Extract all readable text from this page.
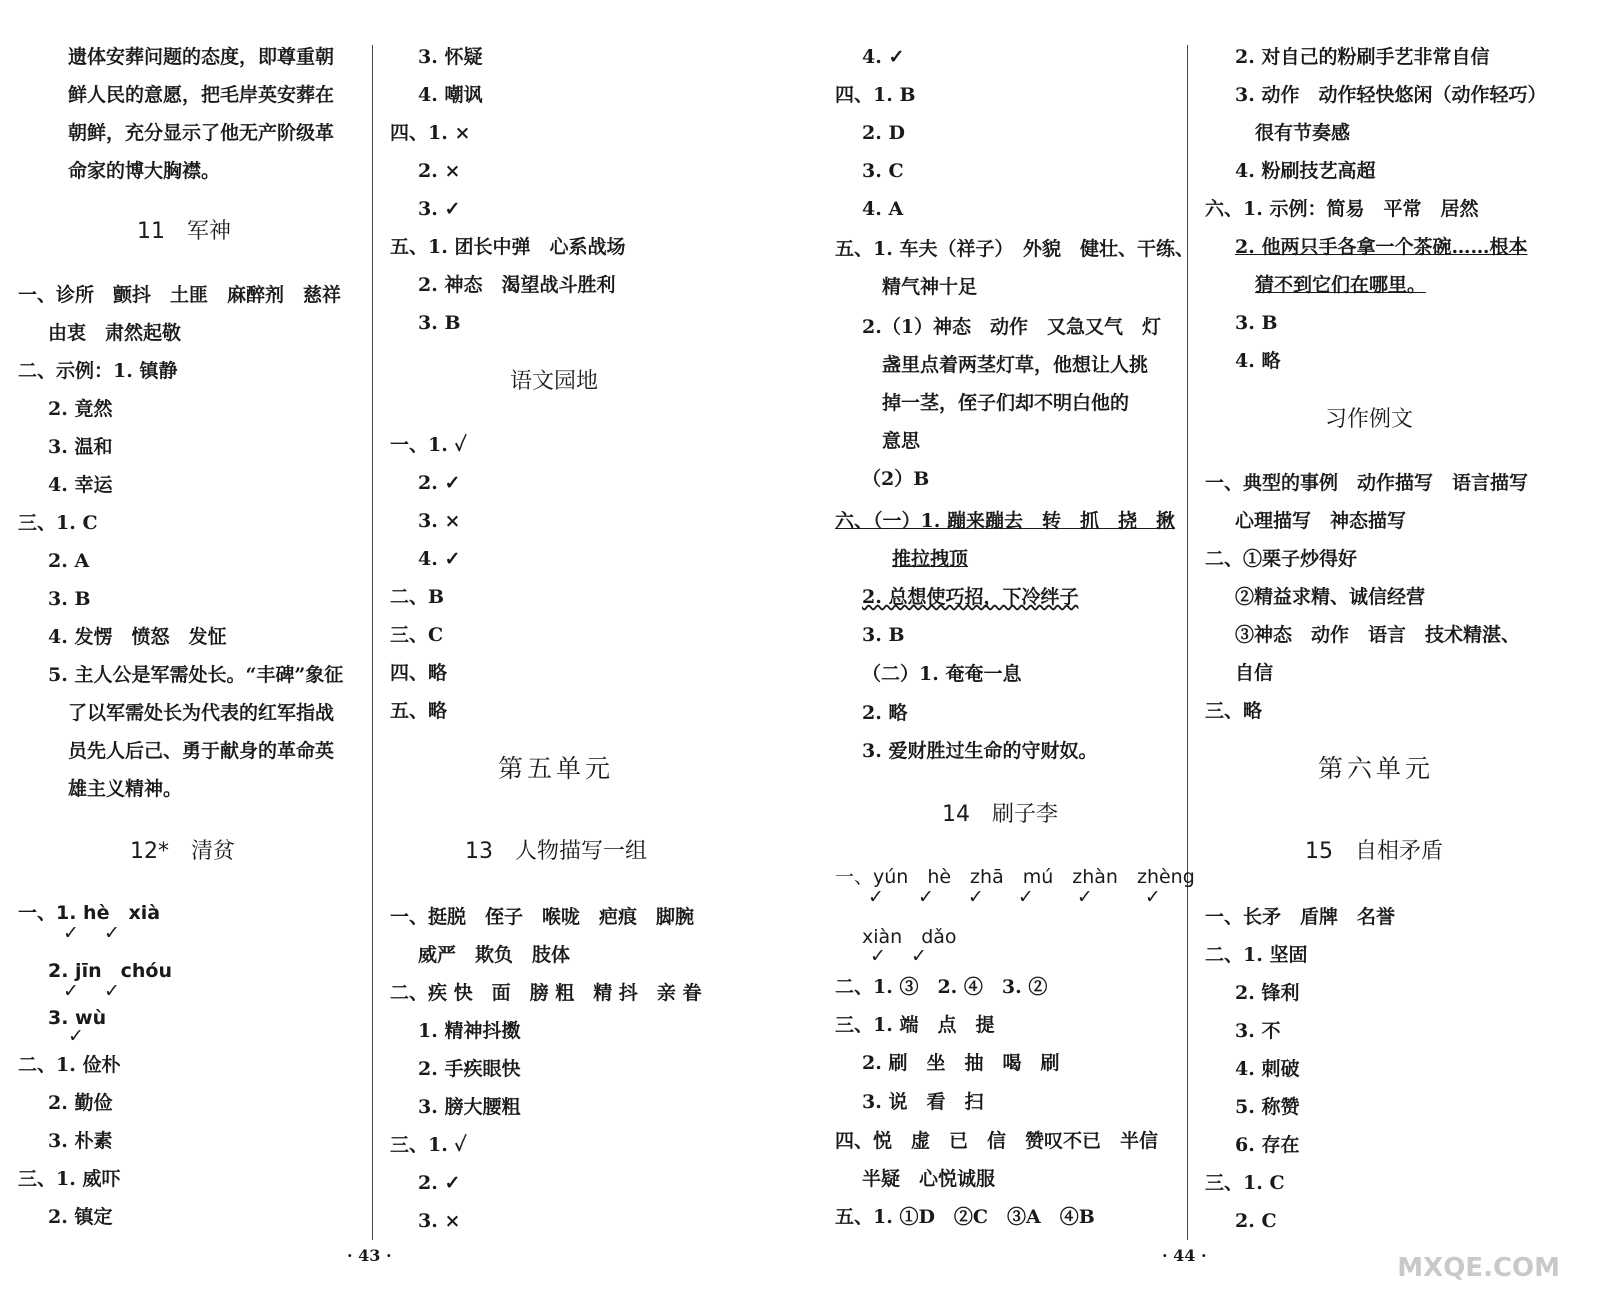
遗体安葬问题的态度，即尊重朝
鲜人民的意愿，把毛岸英安葬在
朝鲜，充分显示了他无产阶级革
命家的博大胸襟。
11　军神
一、诊所　颤抖　土匪　麻醉剂　慈祥
由衷　肃然起敬
二、示例：1. 镇静
2. 竟然
3. 温和
4. 幸运
三、1. C
2. A
3. B
4. 发愣　愤怒　发怔
5. 主人公是军需处长。“丰碑”象征
了以军需处长为代表的红军指战
员先人后己、勇于献身的革命英
雄主义精神。
12*　清贫
一、1. hè　xià
✓　 ✓
2. jīn　chóu
✓　 ✓
3. wù
✓
二、1. 俭朴
2. 勤俭
3. 朴素
三、1. 威吓
2. 镇定
3. 怀疑
4. 嘲讽
四、1. ×
2. ×
3. ✓
五、1. 团长中弹　心系战场
2. 神态　渴望战斗胜利
3. B
语文园地
一、1. ✓
2. ✓
3. ×
4. ✓
二、B
三、C
四、略
五、略
第五单元
13　人物描写一组
一、挺脱　侄子　喉咙　疤痕　脚腕
威严　欺负　肢体
二、疾 快　面　膀 粗　精 抖　亲 眷
1. 精神抖擞
2. 手疾眼快
3. 膀大腰粗
三、1. ✓
2. ✓
3. ×
· 43 ·
4. ✓
四、1. B
2. D
3. C
4. A
五、1. 车夫（祥子）　外貌　健壮、干练、
精气神十足
2.（1）神态　动作　又急又气　灯
盏里点着两茎灯草，他想让人挑
掉一茎，侄子们却不明白他的
意思
（2）B
六、（一）1. 蹦来蹦去　转　抓　挠　揪
推拉拽顶
2. 总想使巧招，下冷绊子
3. B
（二）1. 奄奄一息
2. 略
3. 爱财胜过生命的守财奴。
14　刷子李
一、yún　hè　zhā　mú　zhàn　zhèng
✓　 ✓　 ✓　 ✓　  ✓　   ✓
xiàn　dǎo
✓　 ✓
二、1. ③　2. ④　3. ②
三、1. 端　点　提
2. 刷　坐　抽　喝　刷
3. 说　看　扫
四、悦　虚　已　信　赞叹不已　半信
半疑　心悦诚服
五、1. ①D　②C　③A　④B
2. 对自己的粉刷手艺非常自信
3. 动作　动作轻快悠闲（动作轻巧）
很有节奏感
4. 粉刷技艺高超
六、1. 示例：简易　平常　居然
2. 他两只手各拿一个茶碗……根本
猜不到它们在哪里。
3. B
4. 略
习作例文
一、典型的事例　动作描写　语言描写
心理描写　神态描写
二、①栗子炒得好
②精益求精、诚信经营
③神态　动作　语言　技术精湛、
自信
三、略
第六单元
15　自相矛盾
一、长矛　盾牌　名誉
二、1. 坚固
2. 锋利
3. 不
4. 刺破
5. 称赞
6. 存在
三、1. C
2. C
· 44 ·	MXQE.COM
